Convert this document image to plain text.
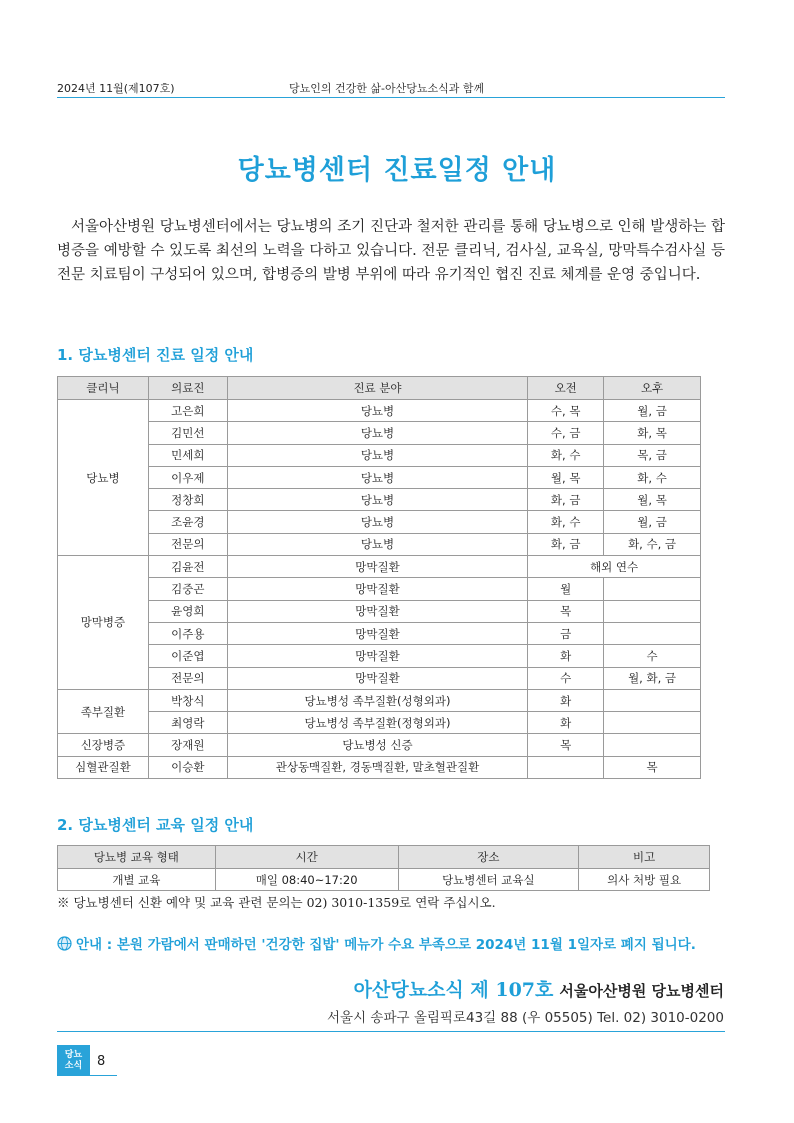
2024년 11월(제107호)	당뇨인의 건강한 삶-아산당뇨소식과 함께
당뇨병센터 진료일정 안내

서울아산병원 당뇨병센터에서는 당뇨병의 조기 진단과 철저한 관리를 통해 당뇨병으로 인해 발생하는 합병증을 예방할 수 있도록 최선의 노력을 다하고 있습니다. 전문 클리닉, 검사실, 교육실, 망막특수검사실 등 전문 치료팀이 구성되어 있으며, 합병증의 발병 부위에 따라 유기적인 협진 진료 체계를 운영 중입니다.

1. 당뇨병센터 진료 일정 안내
클리닉	의료진	진료 분야	오전	오후
당뇨병	고은희	당뇨병	수, 목	월, 금
	김민선	당뇨병	수, 금	화, 목
	민세희	당뇨병	화, 수	목, 금
	이우제	당뇨병	월, 목	화, 수
	정창희	당뇨병	화, 금	월, 목
	조윤경	당뇨병	화, 수	월, 금
	전문의	당뇨병	화, 금	화, 수, 금
망막병증	김윤전	망막질환	해외 연수	
	김중곤	망막질환	월	
	윤영희	망막질환	목	
	이주용	망막질환	금	
	이준엽	망막질환	화	수
	전문의	망막질환	수	월, 화, 금
족부질환	박창식	당뇨병성 족부질환(성형외과)	화	
	최영락	당뇨병성 족부질환(정형외과)	화	
신장병증	장재원	당뇨병성 신증	목	
심혈관질환	이승환	관상동맥질환, 경동맥질환, 말초혈관질환		목
2. 당뇨병센터 교육 일정 안내
당뇨병 교육 형태	시간	장소	비고
개별 교육	매일 08:40~17:20	당뇨병센터 교육실	의사 처방 필요
※ 당뇨병센터 신환 예약 및 교육 관련 문의는 02) 3010-1359로 연락 주십시오.
안내 : 본원 가람에서 판매하던 '건강한 집밥' 메뉴가 수요 부족으로 2024년 11월 1일자로 폐지 됩니다.
아산당뇨소식 제 107호 서울아산병원 당뇨병센터
서울시 송파구 올림픽로43길 88 (우 05505) Tel. 02) 3010-0200
당뇨
소식	8
